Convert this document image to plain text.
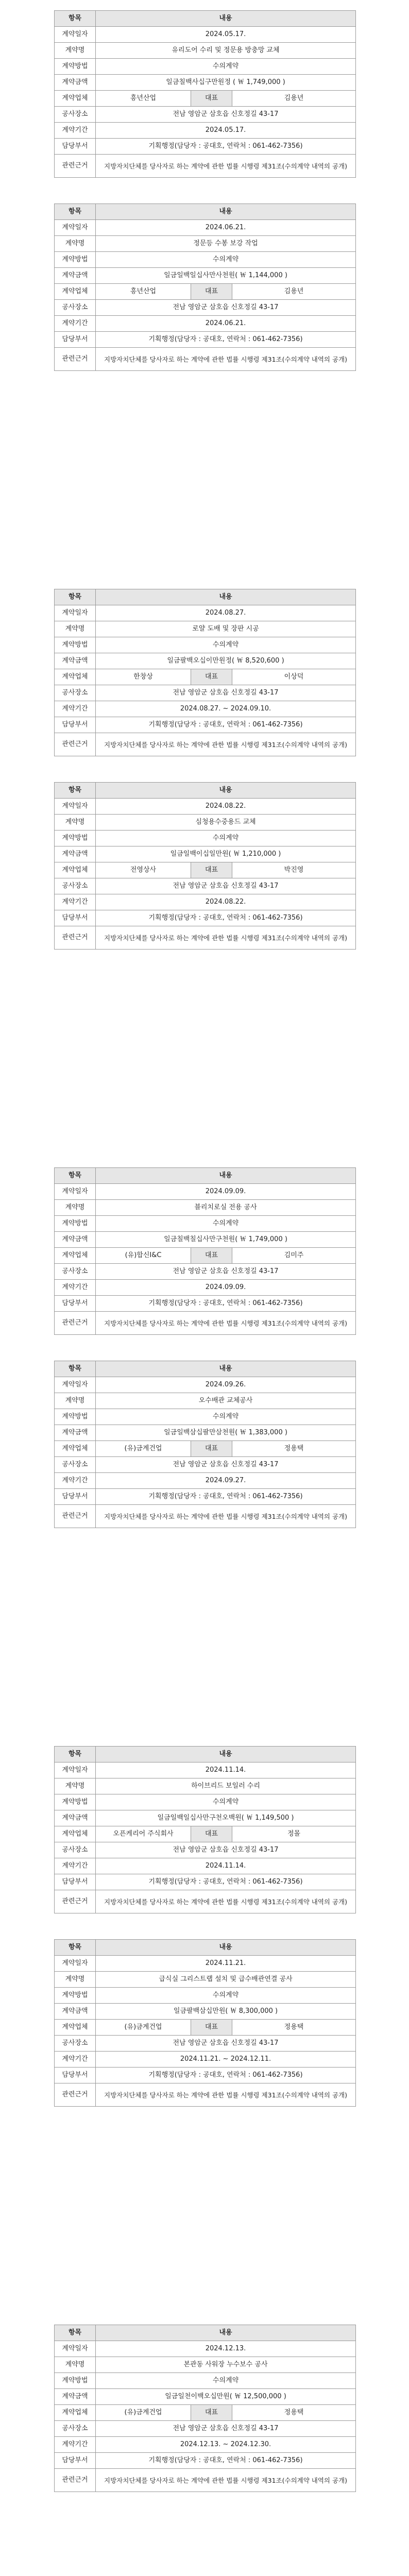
항목	내용		
계약일자	2024.05.17.		
계약명	유리도어 수리 및 정문용 방충망 교체		
계약방법	수의계약		
계약금액	일금칠백사십구만원정 ( ￦ 1,749,000 )		
계약업체	흥년산업	대표	김용년
공사장소	전남 영암군 삼호읍 신호정길 43-17		
계약기간	2024.05.17.		
담당부서	기획행정(담당자 : 공대호, 연락처 : 061-462-7356)		
관련근거	지방자치단체를 당사자로 하는 계약에 관한 법률 시행령 제31조(수의계약 내역의 공개)		
항목	내용		
계약일자	2024.06.21.		
계약명	정문등 수봉 보강 작업		
계약방법	수의계약		
계약금액	일금일백일십사만사천원( ￦ 1,144,000 )		
계약업체	흥년산업	대표	김용년
공사장소	전남 영암군 삼호읍 신호정길 43-17		
계약기간	2024.06.21.		
담당부서	기획행정(담당자 : 공대호, 연락처 : 061-462-7356)		
관련근거	지방자치단체를 당사자로 하는 계약에 관한 법률 시행령 제31조(수의계약 내역의 공개)		
항목	내용		
계약일자	2024.08.27.		
계약명	로얄 도배 및 장판 시공		
계약방법	수의계약		
계약금액	일금팔백오십이만원정( ￦ 8,520,600 )		
계약업체	한창상	대표	이상덕
공사장소	전남 영암군 삼호읍 신호정길 43-17		
계약기간	2024.08.27. ~ 2024.09.10.		
담당부서	기획행정(담당자 : 공대호, 연락처 : 061-462-7356)		
관련근거	지방자치단체를 당사자로 하는 계약에 관한 법률 시행령 제31조(수의계약 내역의 공개)		
항목	내용		
계약일자	2024.08.22.		
계약명	심청용수중용드 교체		
계약방법	수의계약		
계약금액	일금일백이십일만원( ￦ 1,210,000 )		
계약업체	전영상사	대표	박진영
공사장소	전남 영암군 삼호읍 신호정길 43-17		
계약기간	2024.08.22.		
담당부서	기획행정(담당자 : 공대호, 연락처 : 061-462-7356)		
관련근거	지방자치단체를 당사자로 하는 계약에 관한 법률 시행령 제31조(수의계약 내역의 공개)		
항목	내용		
계약일자	2024.09.09.		
계약명	블리치로실 전용 공사		
계약방법	수의계약		
계약금액	일금칠백칠십사만구천원( ￦ 1,749,000 )		
계약업체	(유)합신I&C	대표	김미주
공사장소	전남 영암군 삼호읍 신호정길 43-17		
계약기간	2024.09.09.		
담당부서	기획행정(담당자 : 공대호, 연락처 : 061-462-7356)		
관련근거	지방자치단체를 당사자로 하는 계약에 관한 법률 시행령 제31조(수의계약 내역의 공개)		
항목	내용		
계약일자	2024.09.26.		
계약명	오수배관 교체공사		
계약방법	수의계약		
계약금액	일금일백삼십팔만삼천원( ￦ 1,383,000 )		
계약업체	(유)금계건업	대표	정용택
공사장소	전남 영암군 삼호읍 신호정길 43-17		
계약기간	2024.09.27.		
담당부서	기획행정(담당자 : 공대호, 연락처 : 061-462-7356)		
관련근거	지방자치단체를 당사자로 하는 계약에 관한 법률 시행령 제31조(수의계약 내역의 공개)		
항목	내용		
계약일자	2024.11.14.		
계약명	하이브리드 보일러 수리		
계약방법	수의계약		
계약금액	일금일백일십사만구천오백원( ￦ 1,149,500 )		
계약업체	오픈케리어 주식회사	대표	정몰
공사장소	전남 영암군 삼호읍 신호정길 43-17		
계약기간	2024.11.14.		
담당부서	기획행정(담당자 : 공대호, 연락처 : 061-462-7356)		
관련근거	지방자치단체를 당사자로 하는 계약에 관한 법률 시행령 제31조(수의계약 내역의 공개)		
항목	내용		
계약일자	2024.11.21.		
계약명	급식실 그리스트랩 설치 및 급수배관연결 공사		
계약방법	수의계약		
계약금액	일금팔백삼십만원( ￦ 8,300,000 )		
계약업체	(유)금계건업	대표	정용택
공사장소	전남 영암군 삼호읍 신호정길 43-17		
계약기간	2024.11.21. ~ 2024.12.11.		
담당부서	기획행정(담당자 : 공대호, 연락처 : 061-462-7356)		
관련근거	지방자치단체를 당사자로 하는 계약에 관한 법률 시행령 제31조(수의계약 내역의 공개)		
항목	내용		
계약일자	2024.12.13.		
계약명	본관동 사워장 누수보수 공사		
계약방법	수의계약		
계약금액	일금일천이백오십만원( ￦ 12,500,000 )		
계약업체	(유)금계건업	대표	정용택
공사장소	전남 영암군 삼호읍 신호정길 43-17		
계약기간	2024.12.13. ~ 2024.12.30.		
담당부서	기획행정(담당자 : 공대호, 연락처 : 061-462-7356)		
관련근거	지방자치단체를 당사자로 하는 계약에 관한 법률 시행령 제31조(수의계약 내역의 공개)		
